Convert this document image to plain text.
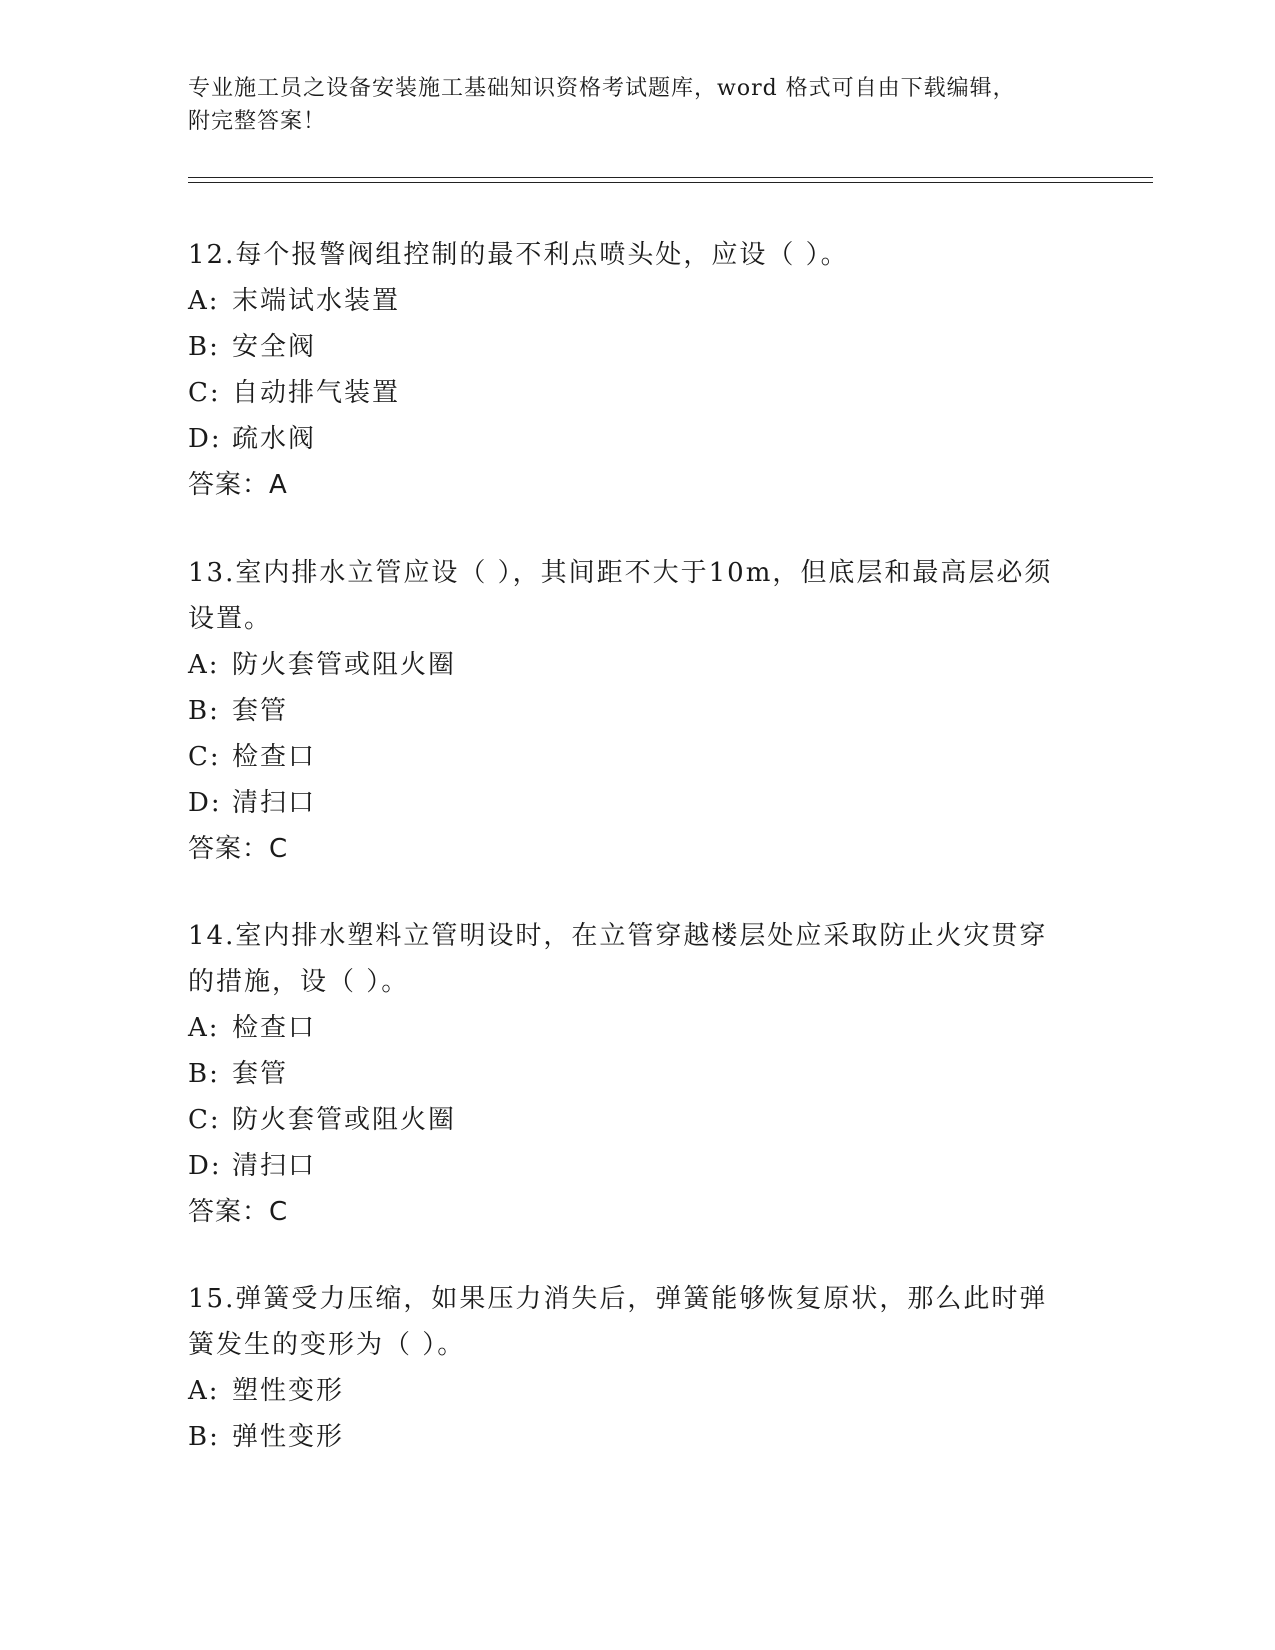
专业施工员之设备安装施工基础知识资格考试题库，word 格式可自由下载编辑，
附完整答案！
12.每个报警阀组控制的最不利点喷头处，应设（ ）。
A: 末端试水装置
B: 安全阀
C: 自动排气装置
D: 疏水阀
答案：A
13.室内排水立管应设（ ），其间距不大于10m，但底层和最高层必须
设置。
A: 防火套管或阻火圈
B: 套管
C: 检查口
D: 清扫口
答案：C
14.室内排水塑料立管明设时，在立管穿越楼层处应采取防止火灾贯穿
的措施，设（ ）。
A: 检查口
B: 套管
C: 防火套管或阻火圈
D: 清扫口
答案：C
15.弹簧受力压缩，如果压力消失后，弹簧能够恢复原状，那么此时弹
簧发生的变形为（ ）。
A: 塑性变形
B: 弹性变形
